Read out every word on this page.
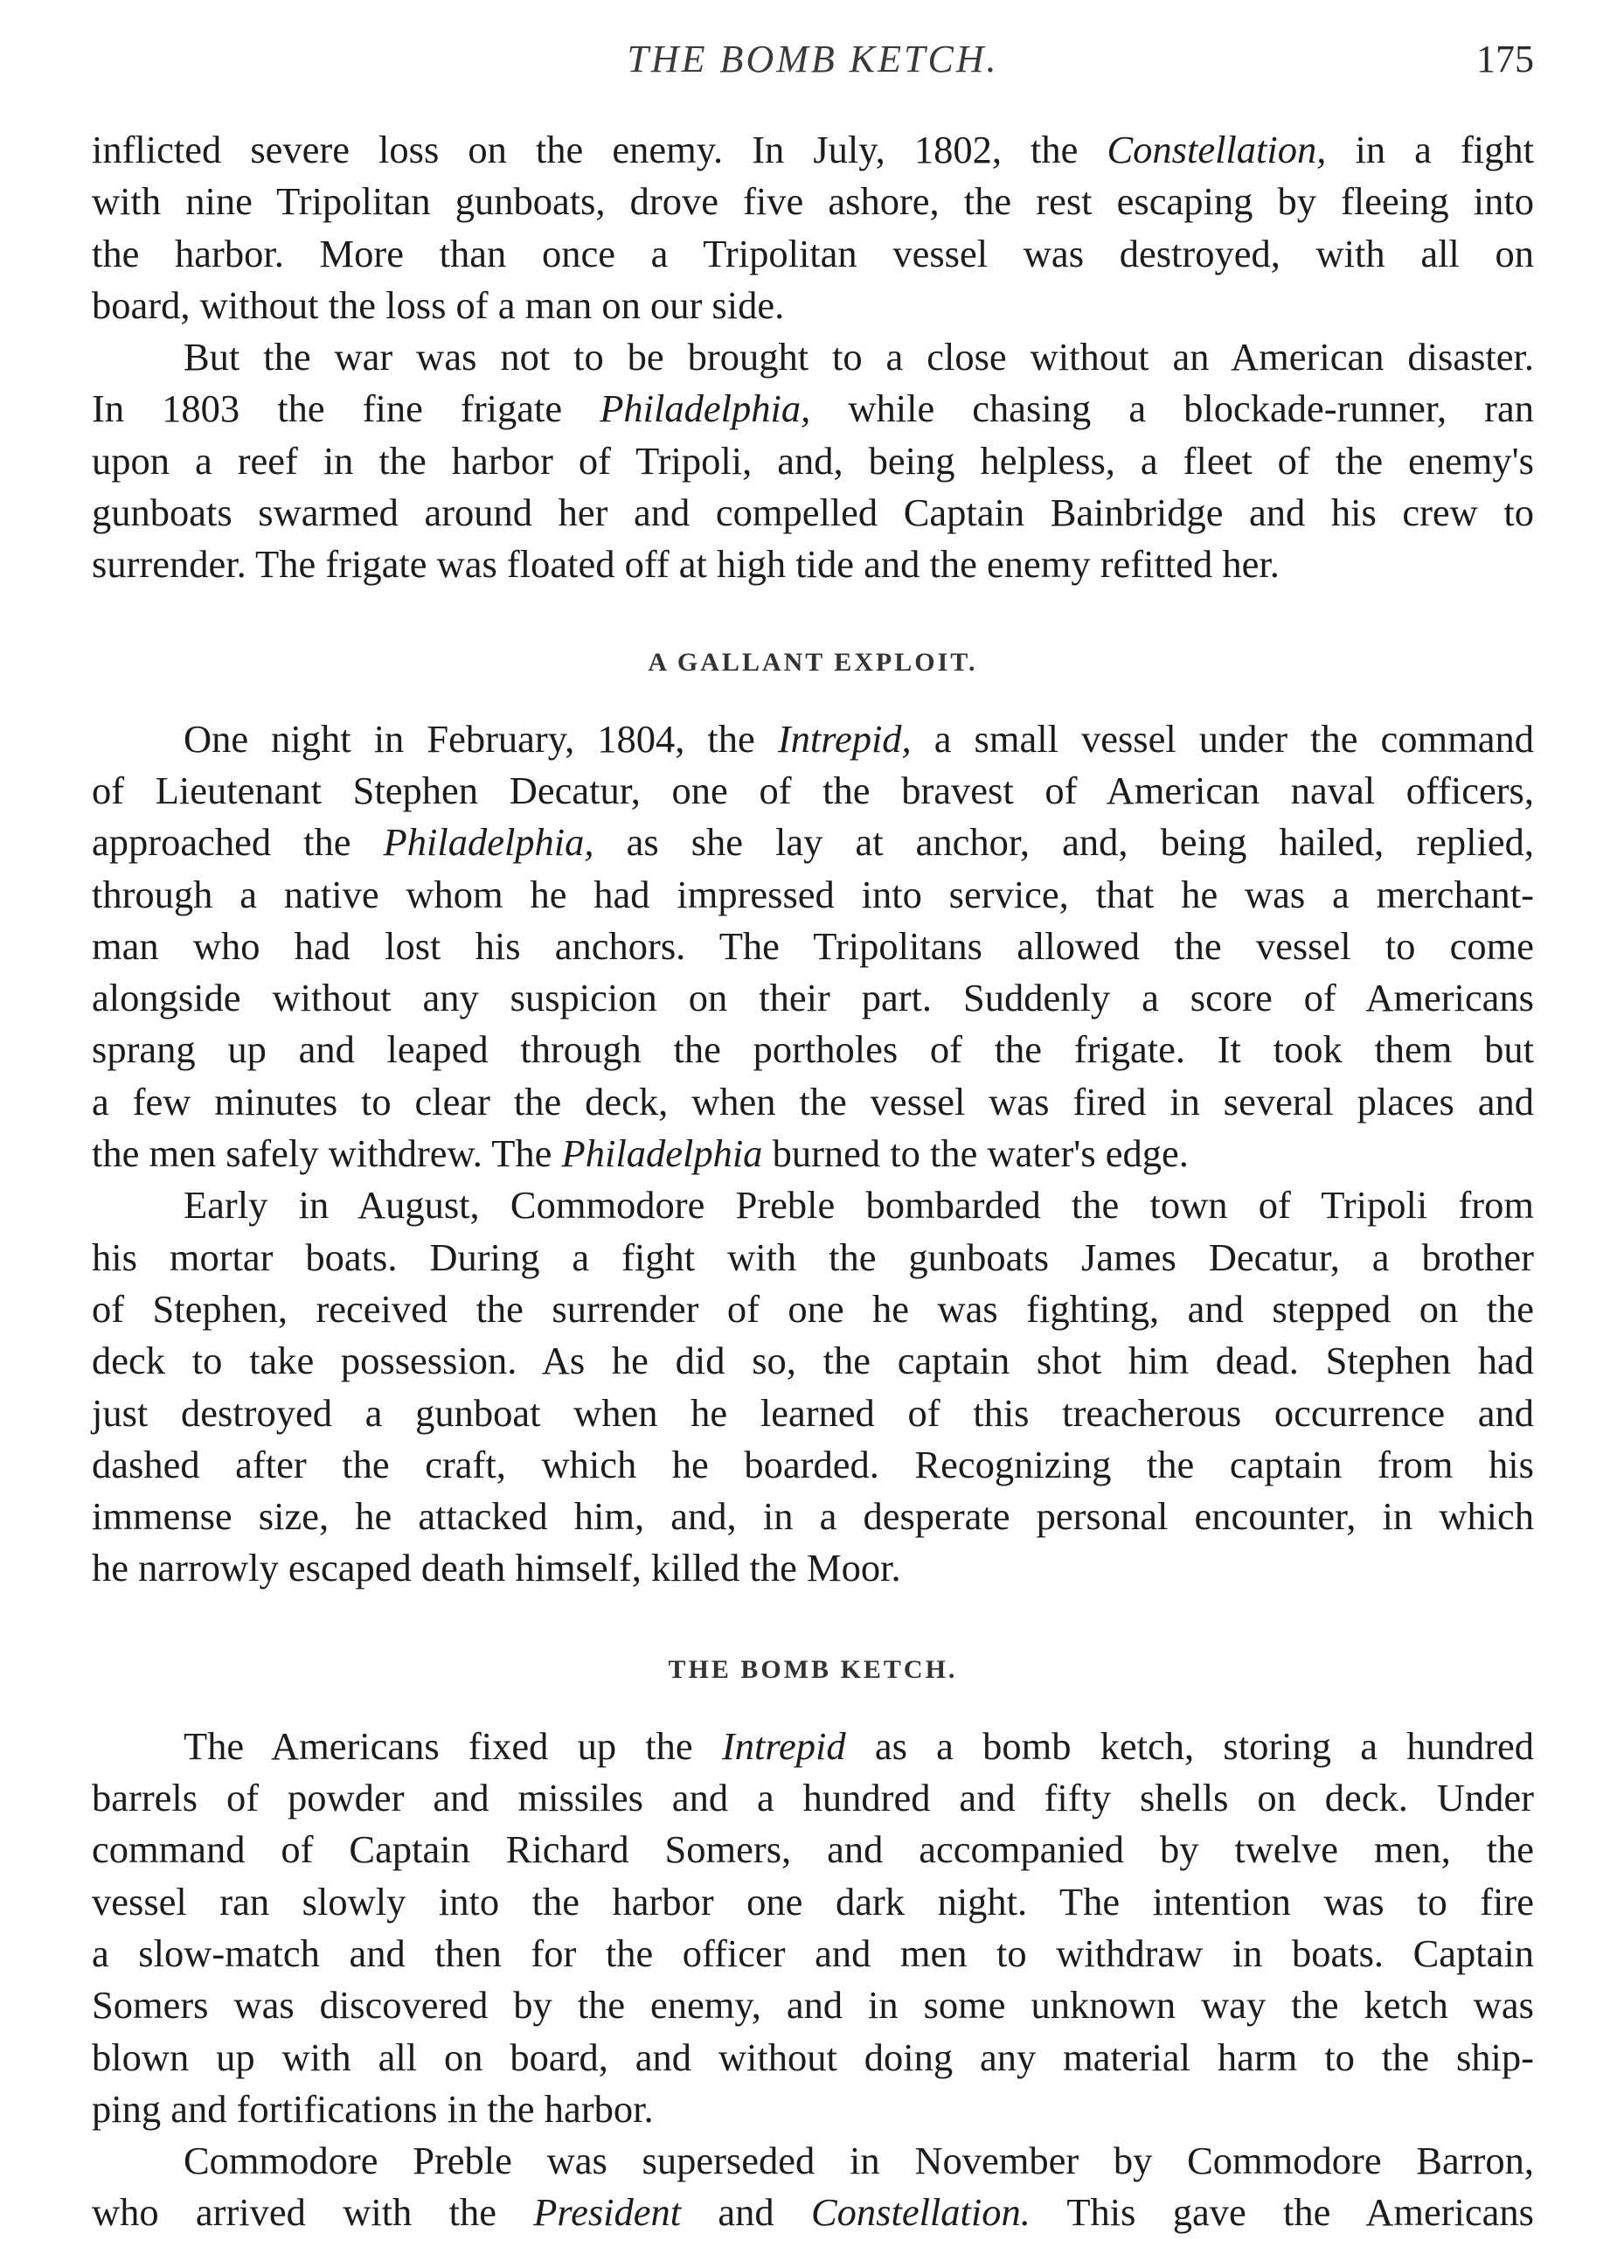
THE BOMB KETCH.	175

inflicted severe loss on the enemy. In July, 1802, the Constellation, in a fight

with nine Tripolitan gunboats, drove five ashore, the rest escaping by fleeing into

the harbor. More than once a Tripolitan vessel was destroyed, with all on

board, without the loss of a man on our side.

But the war was not to be brought to a close without an American disaster.

In 1803 the fine frigate Philadelphia, while chasing a blockade-runner, ran

upon a reef in the harbor of Tripoli, and, being helpless, a fleet of the enemy's

gunboats swarmed around her and compelled Captain Bainbridge and his crew to

surrender. The frigate was floated off at high tide and the enemy refitted her.

A GALLANT EXPLOIT.

One night in February, 1804, the Intrepid, a small vessel under the command

of Lieutenant Stephen Decatur, one of the bravest of American naval officers,

approached the Philadelphia, as she lay at anchor, and, being hailed, replied,

through a native whom he had impressed into service, that he was a merchant-

man who had lost his anchors. The Tripolitans allowed the vessel to come

alongside without any suspicion on their part. Suddenly a score of Americans

sprang up and leaped through the portholes of the frigate. It took them but

a few minutes to clear the deck, when the vessel was fired in several places and

the men safely withdrew. The Philadelphia burned to the water's edge.

Early in August, Commodore Preble bombarded the town of Tripoli from

his mortar boats. During a fight with the gunboats James Decatur, a brother

of Stephen, received the surrender of one he was fighting, and stepped on the

deck to take possession. As he did so, the captain shot him dead. Stephen had

just destroyed a gunboat when he learned of this treacherous occurrence and

dashed after the craft, which he boarded. Recognizing the captain from his

immense size, he attacked him, and, in a desperate personal encounter, in which

he narrowly escaped death himself, killed the Moor.

THE BOMB KETCH.

The Americans fixed up the Intrepid as a bomb ketch, storing a hundred

barrels of powder and missiles and a hundred and fifty shells on deck. Under

command of Captain Richard Somers, and accompanied by twelve men, the

vessel ran slowly into the harbor one dark night. The intention was to fire

a slow-match and then for the officer and men to withdraw in boats. Captain

Somers was discovered by the enemy, and in some unknown way the ketch was

blown up with all on board, and without doing any material harm to the ship-

ping and fortifications in the harbor.

Commodore Preble was superseded in November by Commodore Barron,

who arrived with the President and Constellation. This gave the Americans
